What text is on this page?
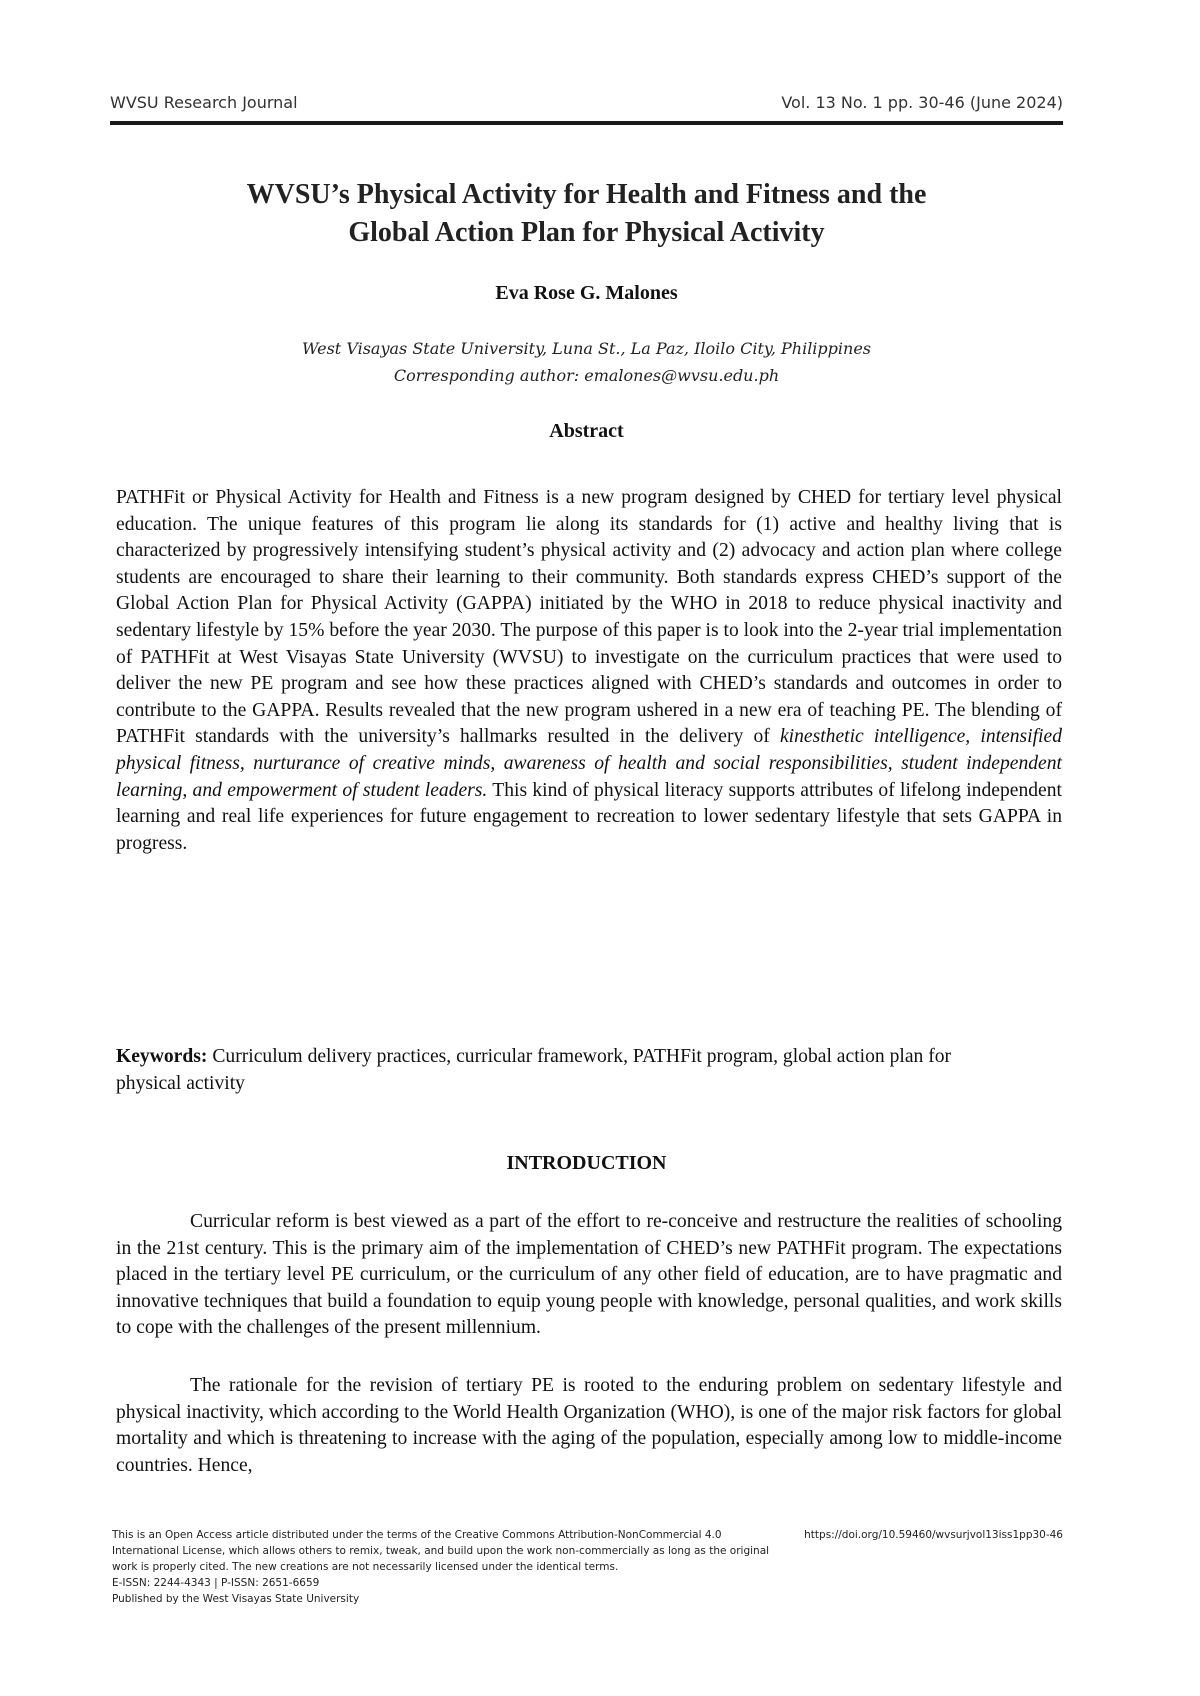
WVSU Research Journal	Vol. 13 No. 1 pp. 30-46 (June 2024)
WVSU’s Physical Activity for Health and Fitness and the
Global Action Plan for Physical Activity
Eva Rose G. Malones
West Visayas State University, Luna St., La Paz, Iloilo City, Philippines
Corresponding author: emalones@wvsu.edu.ph
Abstract

PATHFit or Physical Activity for Health and Fitness is a new program designed by CHED for tertiary level physical education. The unique features of this program lie along its standards for (1) active and healthy living that is characterized by progressively intensifying student’s physical activity and (2) advocacy and action plan where college students are encouraged to share their learning to their community. Both standards express CHED’s support of the Global Action Plan for Physical Activity (GAPPA) initiated by the WHO in 2018 to reduce physical inactivity and sedentary lifestyle by 15% before the year 2030. The purpose of this paper is to look into the 2-year trial implementation of PATHFit at West Visayas State University (WVSU) to investigate on the curriculum practices that were used to deliver the new PE program and see how these practices aligned with CHED’s standards and outcomes in order to contribute to the GAPPA. Results revealed that the new program ushered in a new era of teaching PE. The blending of PATHFit standards with the university’s hallmarks resulted in the delivery of kinesthetic intelligence, intensified physical fitness, nurturance of creative minds, awareness of health and social responsibilities, student independent learning, and empowerment of student leaders. This kind of physical literacy supports attributes of lifelong independent learning and real life experiences for future engagement to recreation to lower sedentary lifestyle that sets GAPPA in progress.

Keywords: Curriculum delivery practices, curricular framework, PATHFit program, global action plan for physical activity
INTRODUCTION

Curricular reform is best viewed as a part of the effort to re-conceive and restructure the realities of schooling in the 21st century. This is the primary aim of the implementation of CHED’s new PATHFit program. The expectations placed in the tertiary level PE curriculum, or the curriculum of any other field of education, are to have pragmatic and innovative techniques that build a foundation to equip young people with knowledge, personal qualities, and work skills to cope with the challenges of the present millennium.

The rationale for the revision of tertiary PE is rooted to the enduring problem on sedentary lifestyle and physical inactivity, which according to the World Health Organization (WHO), is one of the major risk factors for global mortality and which is threatening to increase with the aging of the population, especially among low to middle-income countries. Hence,

This is an Open Access article distributed under the terms of the Creative Commons Attribution-NonCommercial 4.0
International License, which allows others to remix, tweak, and build upon the work non-commercially as long as the original
work is properly cited. The new creations are not necessarily licensed under the identical terms.
E-ISSN: 2244-4343 | P-ISSN: 2651-6659
Published by the West Visayas State University
https://doi.org/10.59460/wvsurjvol13iss1pp30-46
